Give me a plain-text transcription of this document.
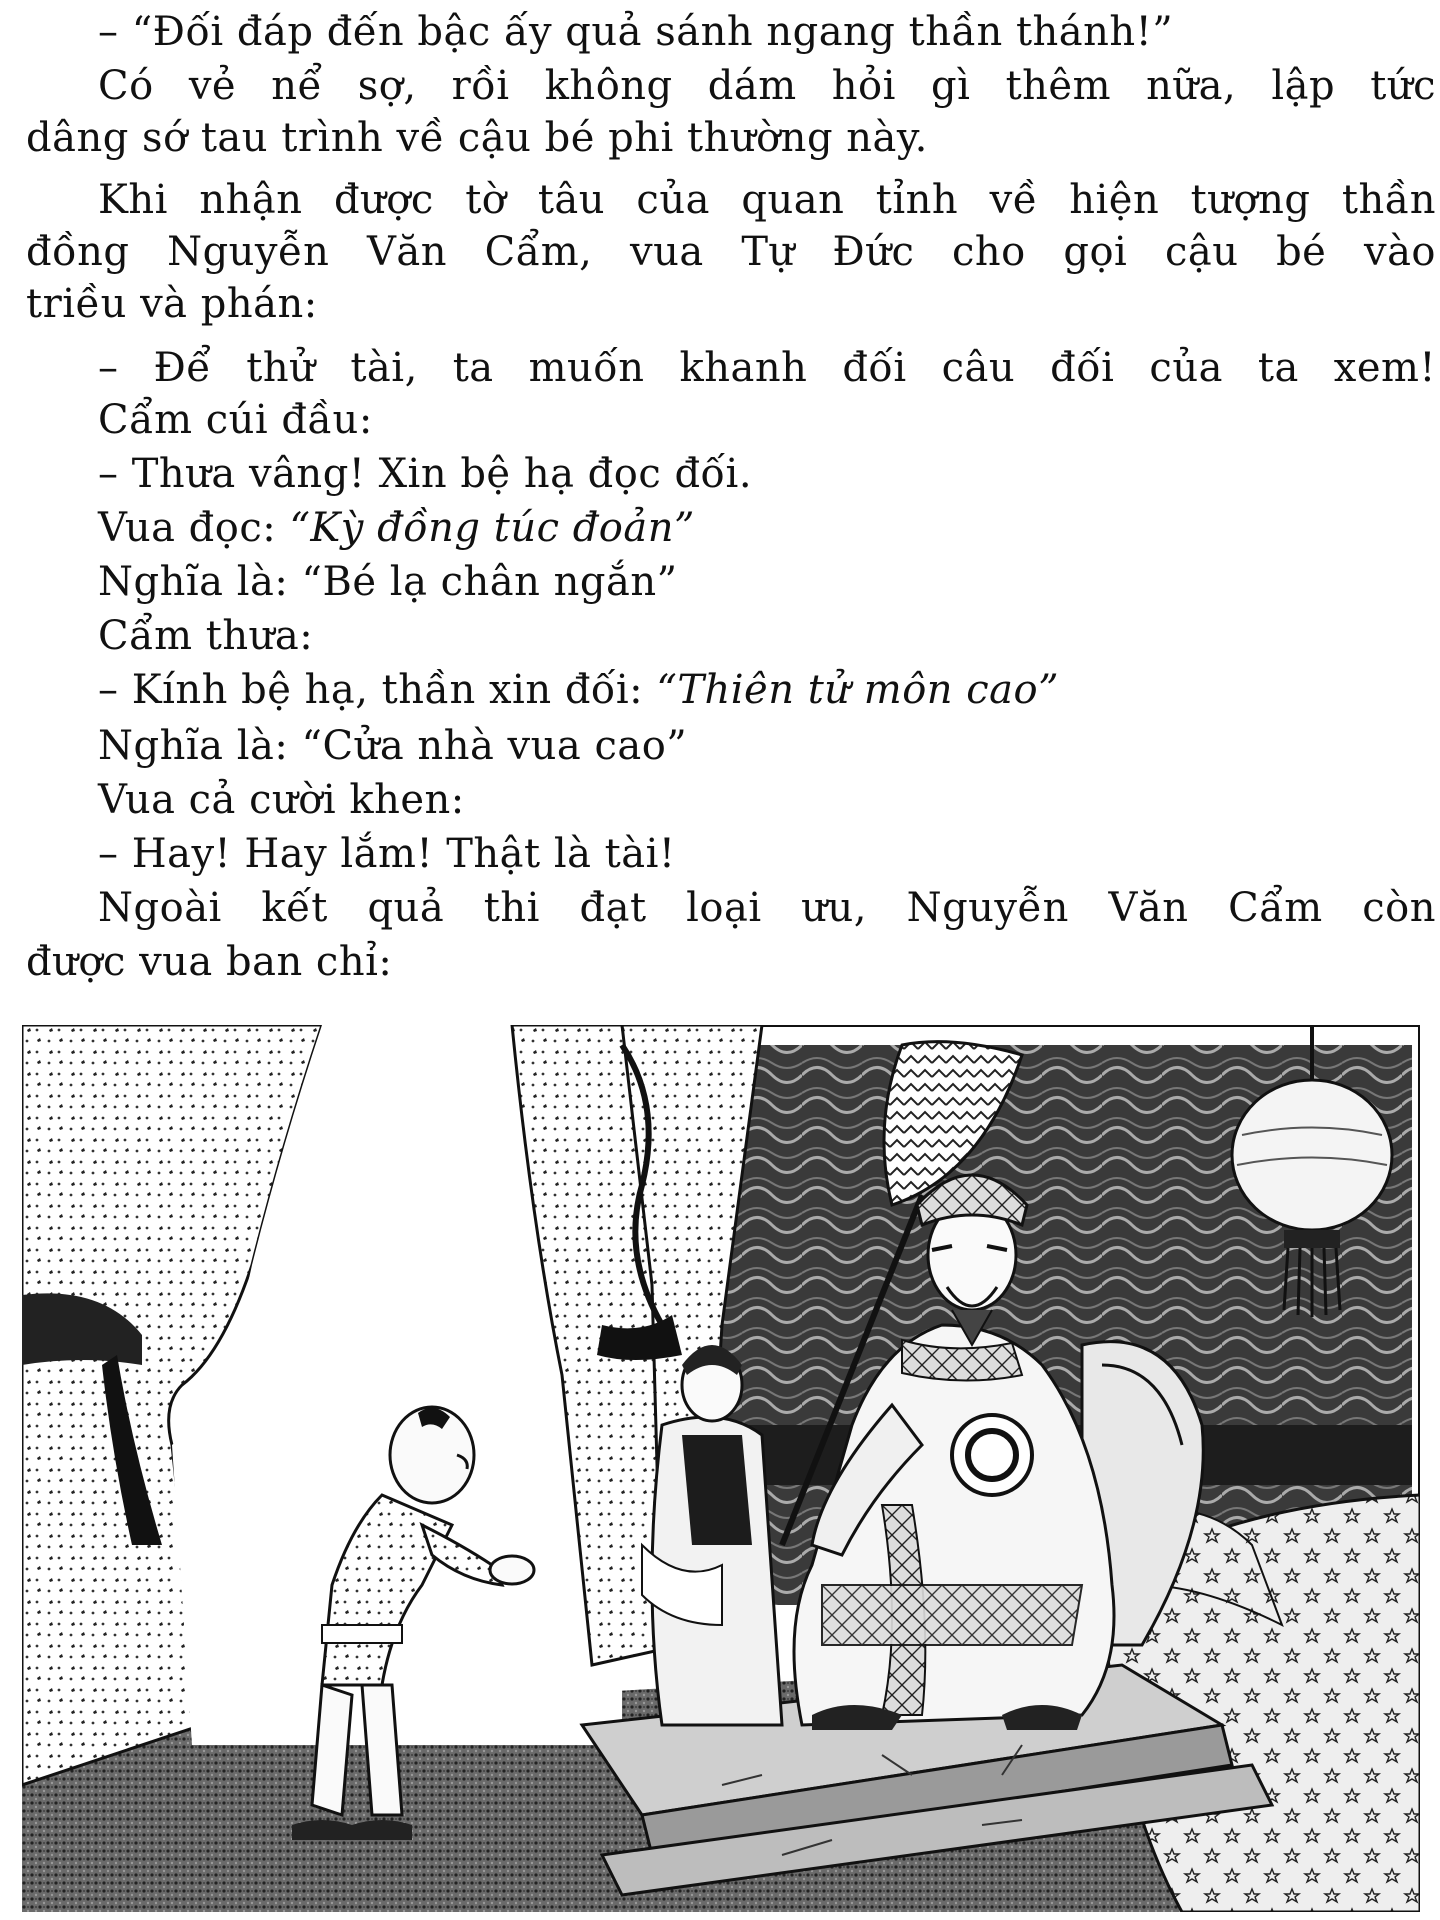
– “Đối đáp đến bậc ấy quả sánh ngang thần thánh!”
Có vẻ nể sợ, rồi không dám hỏi gì thêm nữa, lập tức
dâng sớ tau trình về cậu bé phi thường này.
Khi nhận được tờ tâu của quan tỉnh về hiện tượng thần
đồng Nguyễn Văn Cẩm, vua Tự Đức cho gọi cậu bé vào
triều và phán:
– Để thử tài, ta muốn khanh đối câu đối của ta xem!
Cẩm cúi đầu:
– Thưa vâng! Xin bệ hạ đọc đối.
Vua đọc: “Kỳ đồng túc đoản”
Nghĩa là: “Bé lạ chân ngắn”
Cẩm thưa:
– Kính bệ hạ, thần xin đối: “Thiên tử môn cao”
Nghĩa là: “Cửa nhà vua cao”
Vua cả cười khen:
– Hay! Hay lắm! Thật là tài!
Ngoài kết quả thi đạt loại ưu, Nguyễn Văn Cẩm còn
được vua ban chỉ:
